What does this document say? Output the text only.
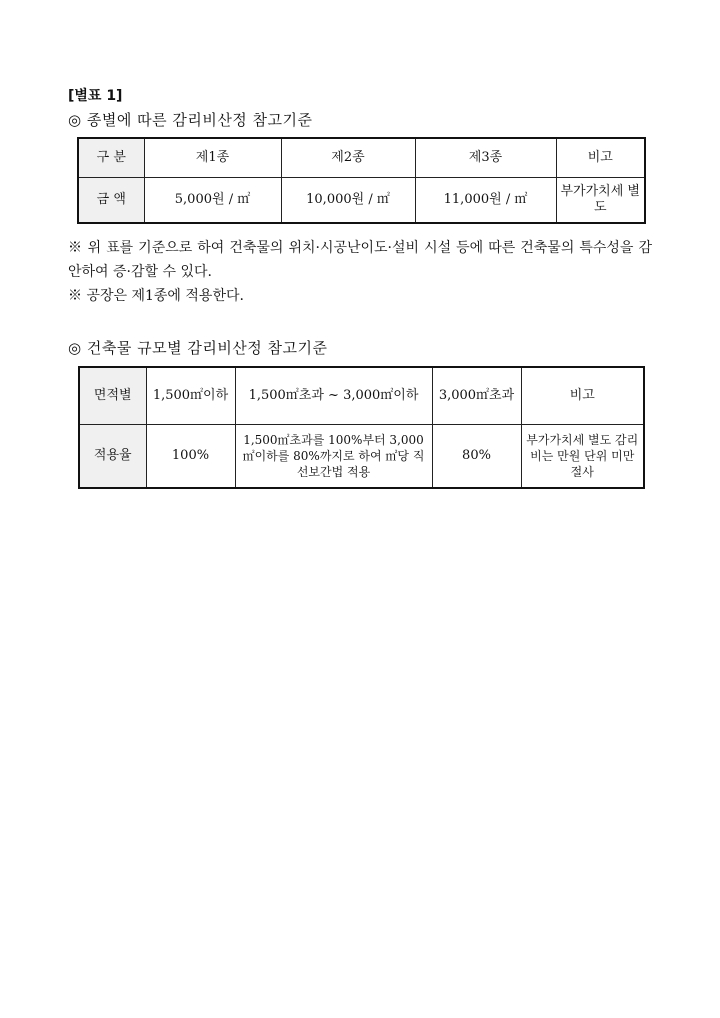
[별표 1]
◎ 종별에 따른 감리비산정 참고기준
구 분	제1종	제2종	제3종	비고
금 액	5,000원 / ㎡	10,000원 / ㎡	11,000원 / ㎡	부가가치세 별도
※ 위 표를 기준으로 하여 건축물의 위치·시공난이도·설비 시설 등에 따른 건축물의 특수성을 감안하여 증·감할 수 있다.
※ 공장은 제1종에 적용한다.
◎ 건축물 규모별 감리비산정 참고기준
면적별	1,500㎡이하	1,500㎡초과 ~ 3,000㎡이하	3,000㎡초과	비고
적용율	100%	1,500㎡초과를 100%부터 3,000㎡이하를 80%까지로 하여 ㎡당 직선보간법 적용	80%	부가가치세 별도 감리비는 만원 단위 미만 절사
